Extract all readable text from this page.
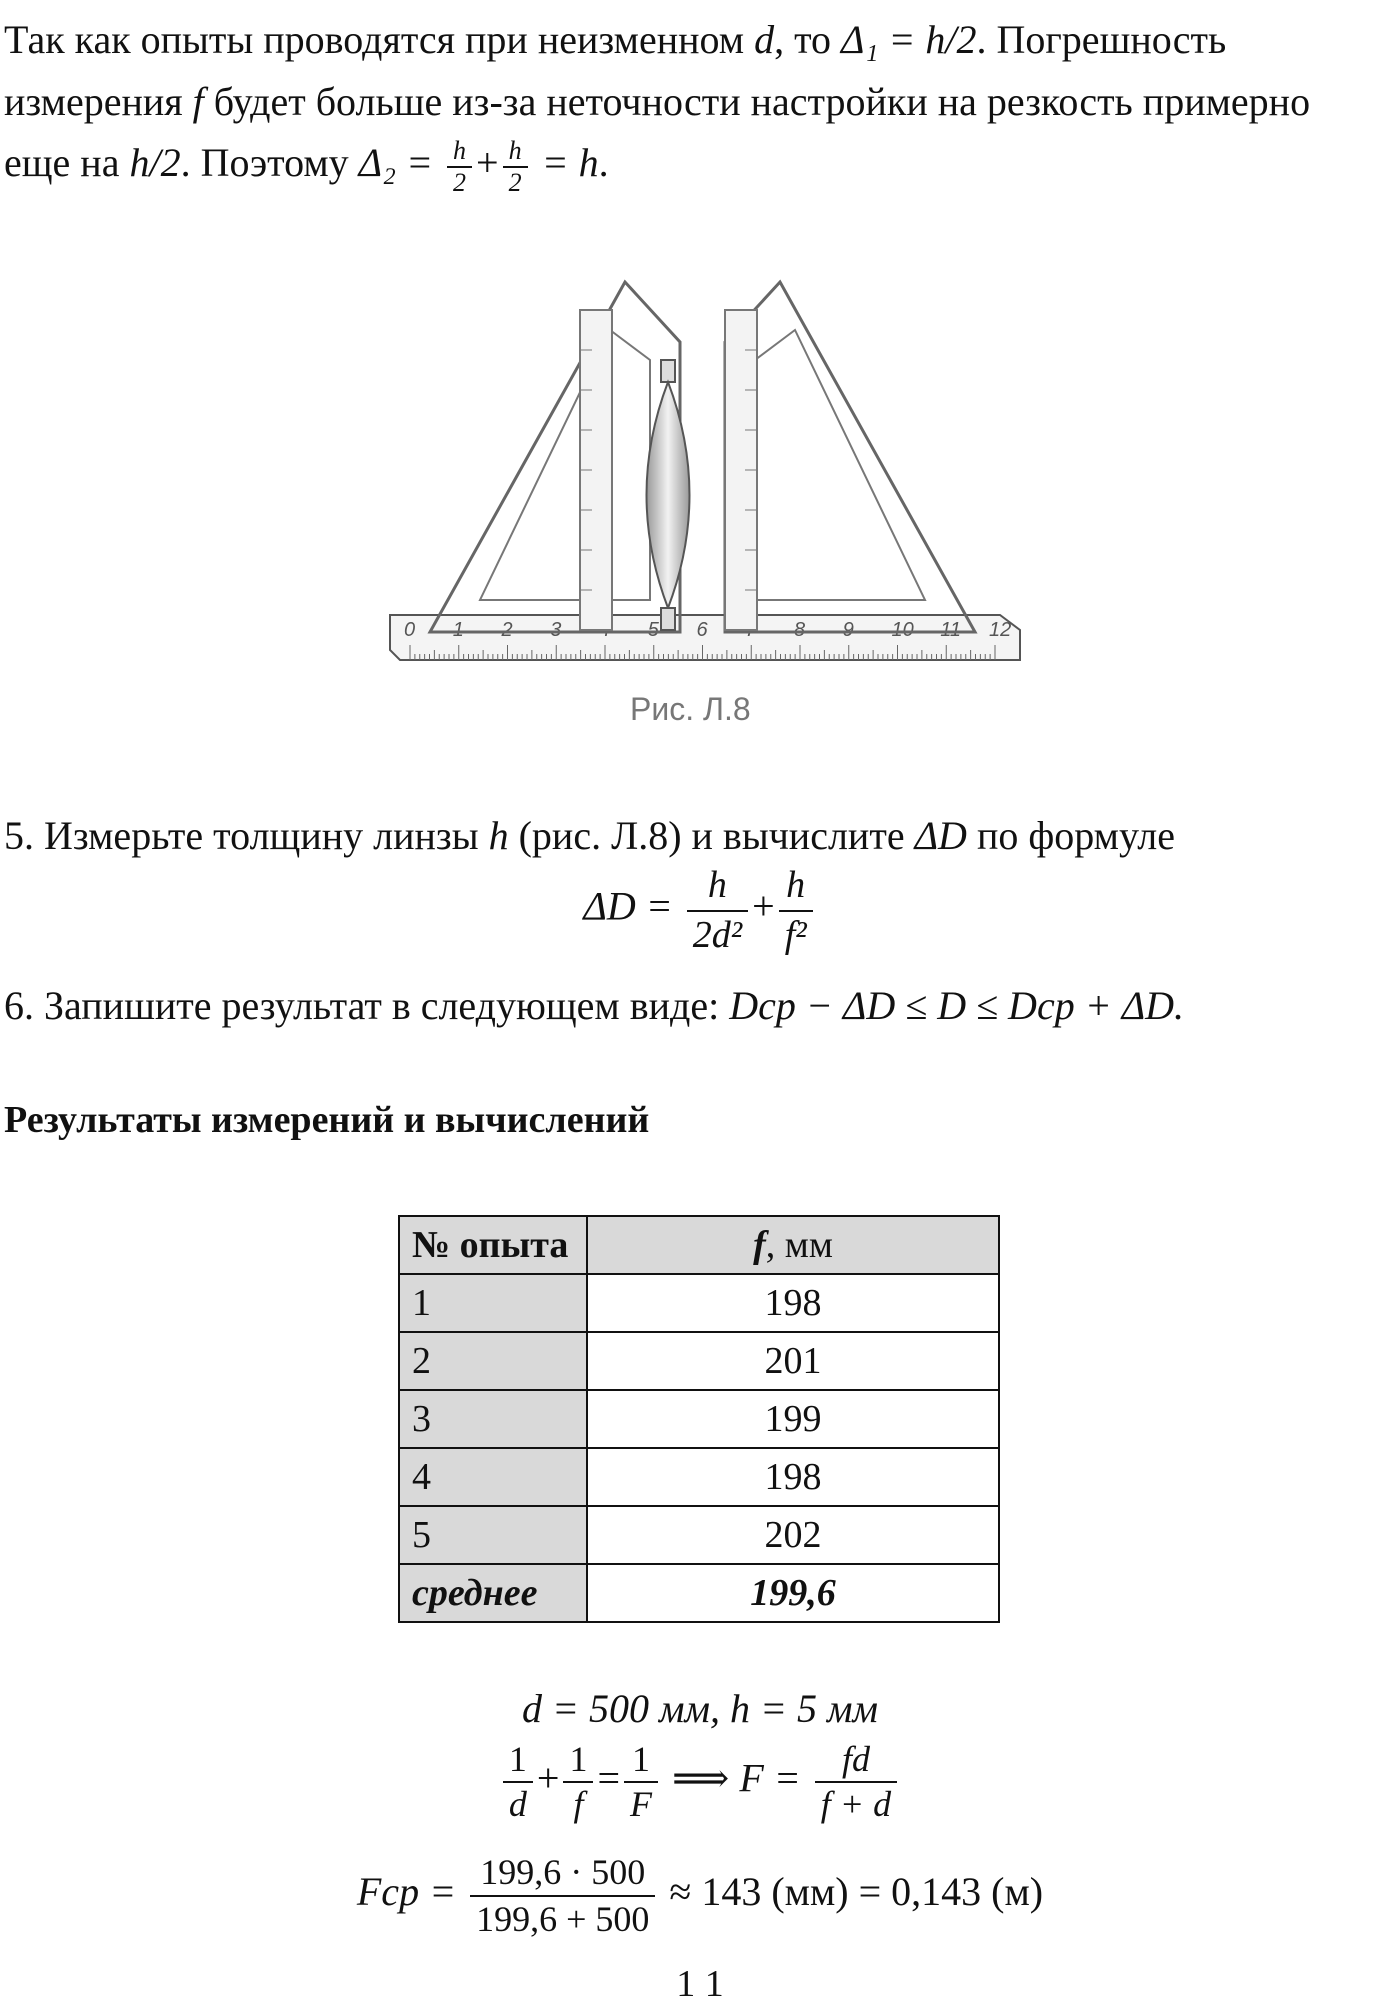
Так как опыты проводятся при неизменном d, то Δ₁ = h/2. Погрешность

измерения f будет больше из-за неточности настройки на резкость примерно

еще на h/2. Поэтому $\Delta_2 = \frac{h}{2} + \frac{h}{2} = h$.

0 1 2 3	5 6	8 9 10 11 12
Рис. Л.8

5. Измерьте толщину линзы h (рис. Л.8) и вычислите ΔD по формуле

$\Delta D = \frac{h}{\text{2d²}} + \frac{h}{\text{f²}}$

6. Запишите результат в следующем виде: Dср − ΔD ≤ D ≤ Dср + ΔD.

Результаты измерений и вычислений
№ опыта	f, мм
1	198
2	201
3	199
4	198
5	202
среднее	199,6
d = 500 мм, h = 5 мм
$\frac{1}{d} + \frac{1}{f} = \frac{1}{F}$ ⟹ $F = \frac{fd}{f + d}$
Fср = $\frac{199,6 \cdot 500}{199,6 + 500} \approx 143$ (мм) = 0,143 (м)
1 1
